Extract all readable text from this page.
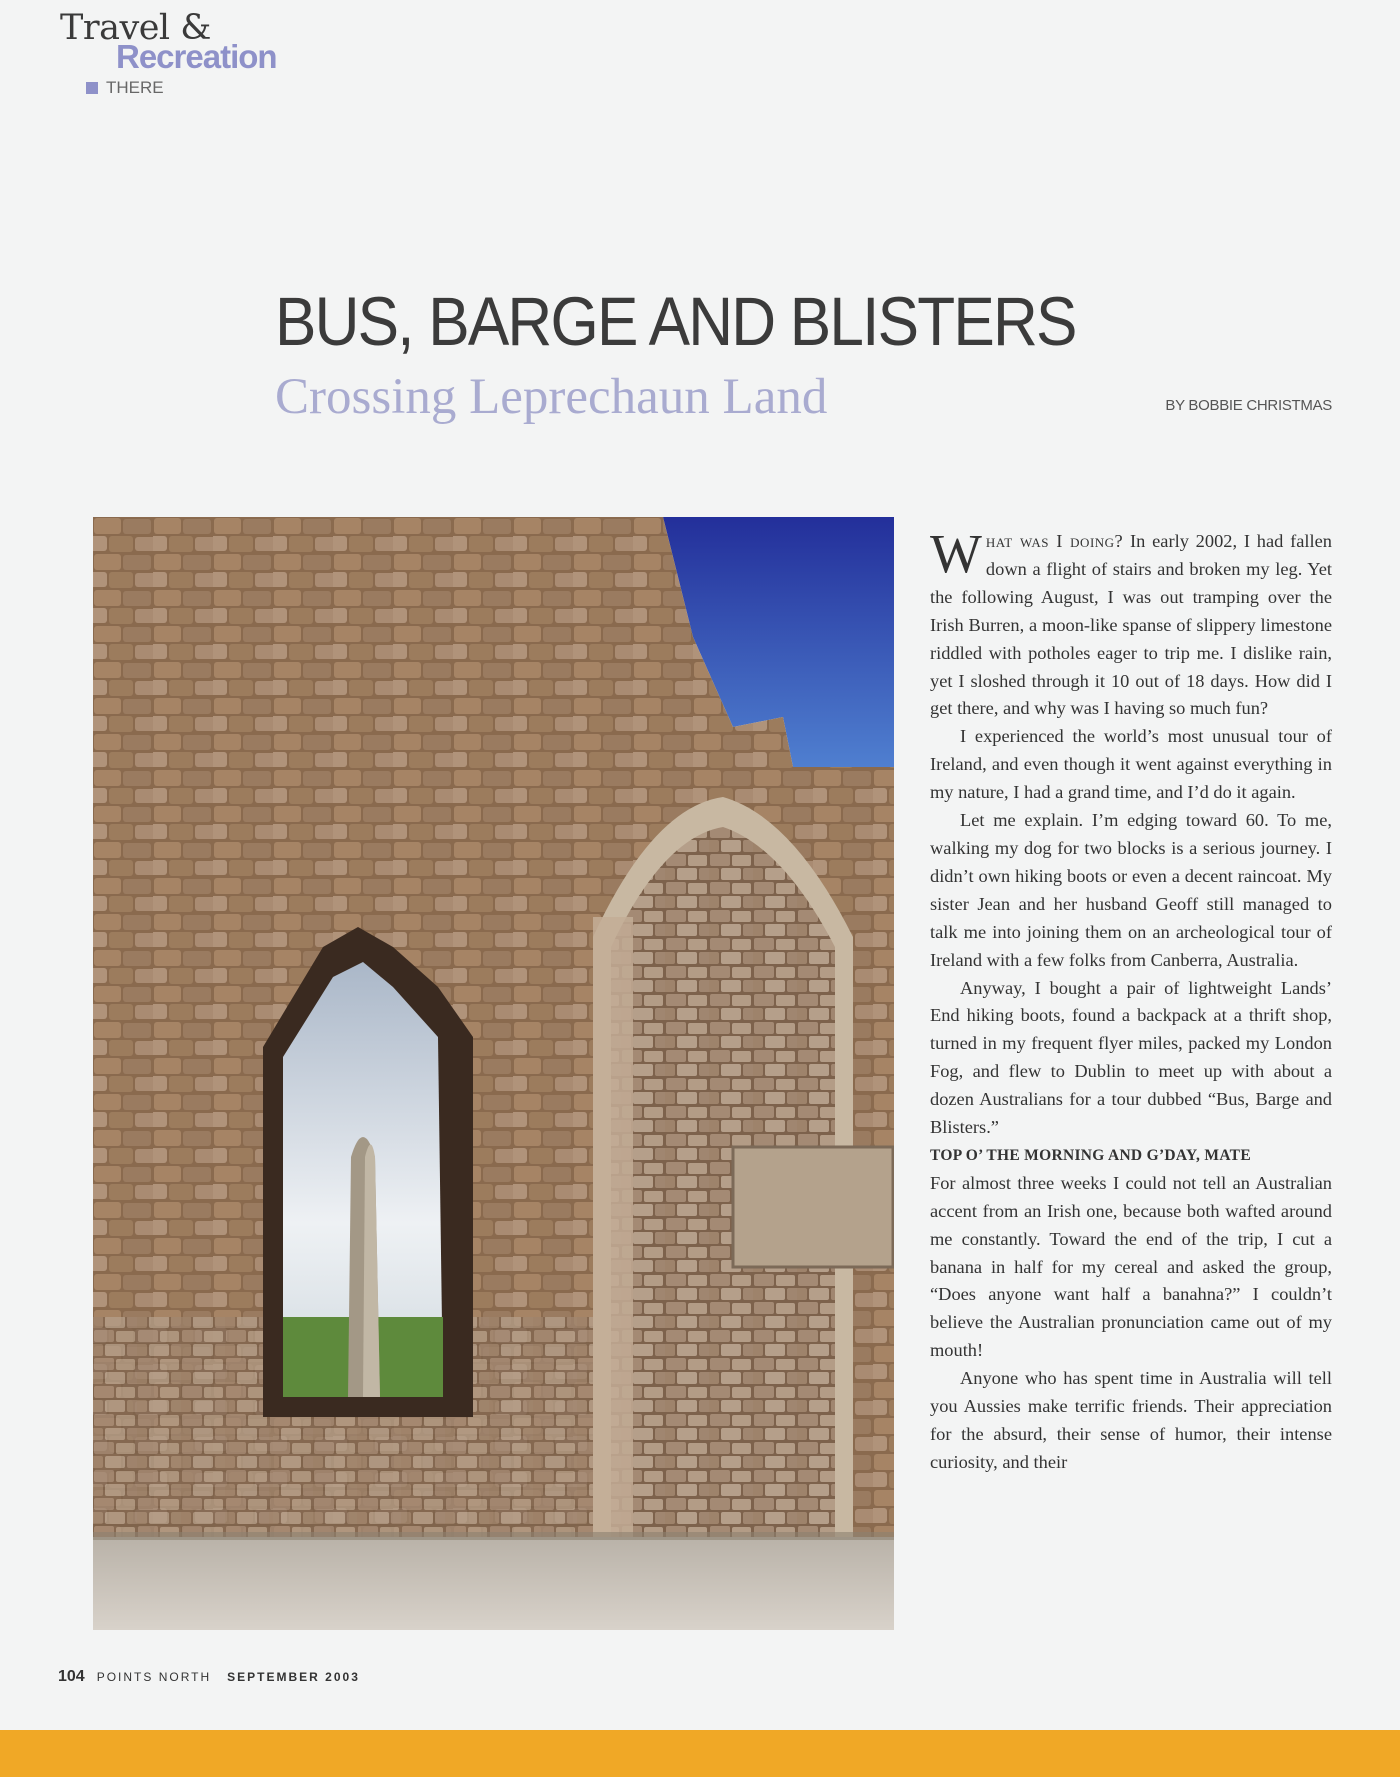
Travel &
Recreation
THERE
BUS, BARGE AND BLISTERS
Crossing Leprechaun Land	BY BOBBIE CHRISTMAS

What was I doing? In early 2002, I had fallen down a flight of stairs and broken my leg. Yet the following August, I was out tramping over the Irish Burren, a moon-like spanse of slippery limestone riddled with potholes eager to trip me. I dislike rain, yet I sloshed through it 10 out of 18 days. How did I get there, and why was I having so much fun?

I experienced the world’s most unusual tour of Ireland, and even though it went against everything in my nature, I had a grand time, and I’d do it again.

Let me explain. I’m edging toward 60. To me, walking my dog for two blocks is a serious journey. I didn’t own hiking boots or even a decent raincoat. My sister Jean and her husband Geoff still managed to talk me into joining them on an archeological tour of Ireland with a few folks from Canberra, Australia.

Anyway, I bought a pair of lightweight Lands’ End hiking boots, found a backpack at a thrift shop, turned in my frequent flyer miles, packed my London Fog, and flew to Dublin to meet up with about a dozen Australians for a tour dubbed “Bus, Barge and Blisters.”

TOP O’ THE MORNING AND G’DAY, MATE

For almost three weeks I could not tell an Australian accent from an Irish one, because both wafted around me constantly. Toward the end of the trip, I cut a banana in half for my cereal and asked the group, “Does anyone want half a banahna?” I couldn’t believe the Australian pronunciation came out of my mouth!

Anyone who has spent time in Australia will tell you Aussies make terrific friends. Their appreciation for the absurd, their sense of humor, their intense curiosity, and their

104 POINTS NORTH SEPTEMBER 2003
